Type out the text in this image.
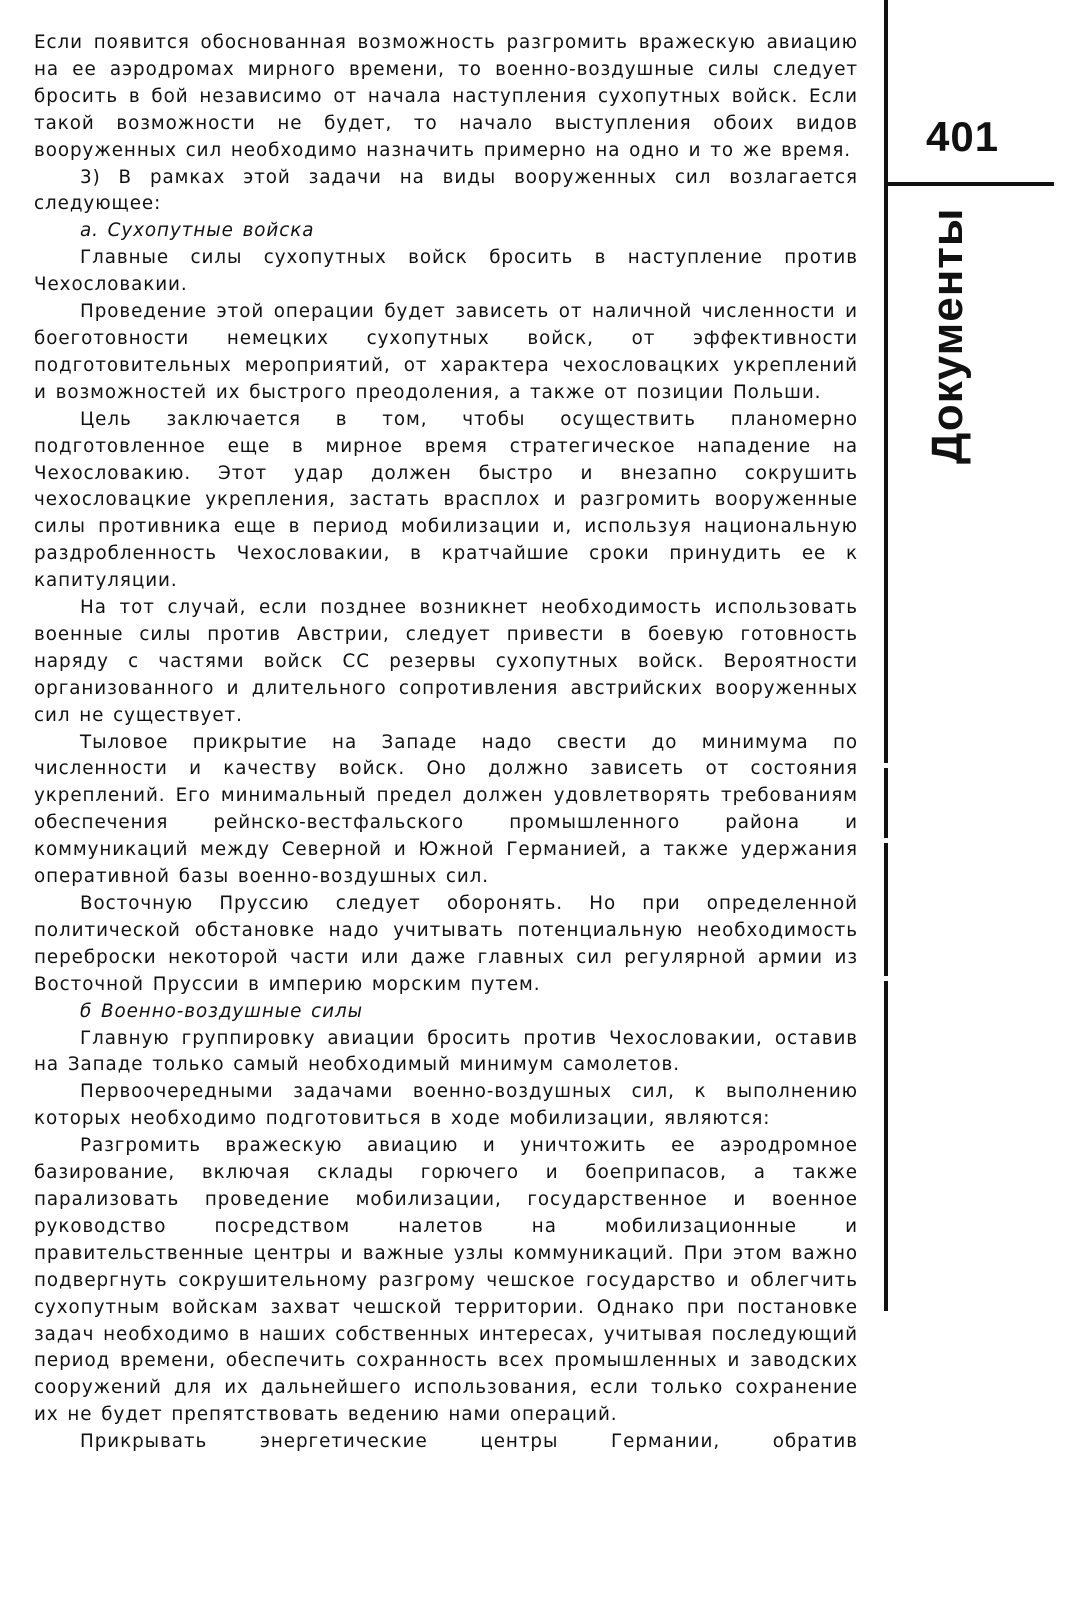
Если появится обоснованная возможность разгромить вражескую авиацию на ее аэродромах мирного времени, то военно-воздушные силы следует бросить в бой независимо от начала наступления сухопутных войск. Если такой возможности не будет, то начало выступления обоих видов вооруженных сил необходимо назначить примерно на одно и то же время.

3) В рамках этой задачи на виды вооруженных сил возлагается следующее:

а. Сухопутные войска

Главные силы сухопутных войск бросить в наступление против Чехословакии.

Проведение этой операции будет зависеть от наличной численности и боеготовности немецких сухопутных войск, от эффективности подготовительных мероприятий, от характера чехословацких укреплений и возможностей их быстрого преодоления, а также от позиции Польши.

Цель заключается в том, чтобы осуществить планомерно подготовленное еще в мирное время стратегическое нападение на Чехословакию. Этот удар должен быстро и внезапно сокрушить чехословацкие укрепления, застать врасплох и разгромить вооруженные силы противника еще в период мобилизации и, используя национальную раздробленность Чехословакии, в кратчайшие сроки принудить ее к капитуляции.

На тот случай, если позднее возникнет необходимость использовать военные силы против Австрии, следует привести в боевую готовность наряду с частями войск СС резервы сухопутных войск. Вероятности организованного и длительного сопротивления австрийских вооруженных сил не существует.

Тыловое прикрытие на Западе надо свести до минимума по численности и качеству войск. Оно должно зависеть от состояния укреплений. Его минимальный предел должен удовлетворять требованиям обеспечения рейнско-вестфальского промышленного района и коммуникаций между Северной и Южной Германией, а также удержания оперативной базы военно-воздушных сил.

Восточную Пруссию следует оборонять. Но при определенной политической обстановке надо учитывать потенциальную необходимость переброски некоторой части или даже главных сил регулярной армии из Восточной Пруссии в империю морским путем.

б Военно-воздушные силы

Главную группировку авиации бросить против Чехословакии, оставив на Западе только самый необходимый минимум самолетов.

Первоочередными задачами военно-воздушных сил, к выполнению которых необходимо подготовиться в ходе мобилизации, являются:

Разгромить вражескую авиацию и уничтожить ее аэродромное базирование, включая склады горючего и боеприпасов, а также парализовать проведение мобилизации, государственное и военное руководство посредством налетов на мобилизационные и правительственные центры и важные узлы коммуникаций. При этом важно подвергнуть сокрушительному разгрому чешское государство и облегчить сухопутным войскам захват чешской территории. Однако при постановке задач необходимо в наших собственных интересах, учитывая последующий период времени, обеспечить сохранность всех промышленных и заводских сооружений для их дальнейшего использования, если только сохранение их не будет препятствовать ведению нами операций.

Прикрывать энергетические центры Германии, обратив

401
Документы
